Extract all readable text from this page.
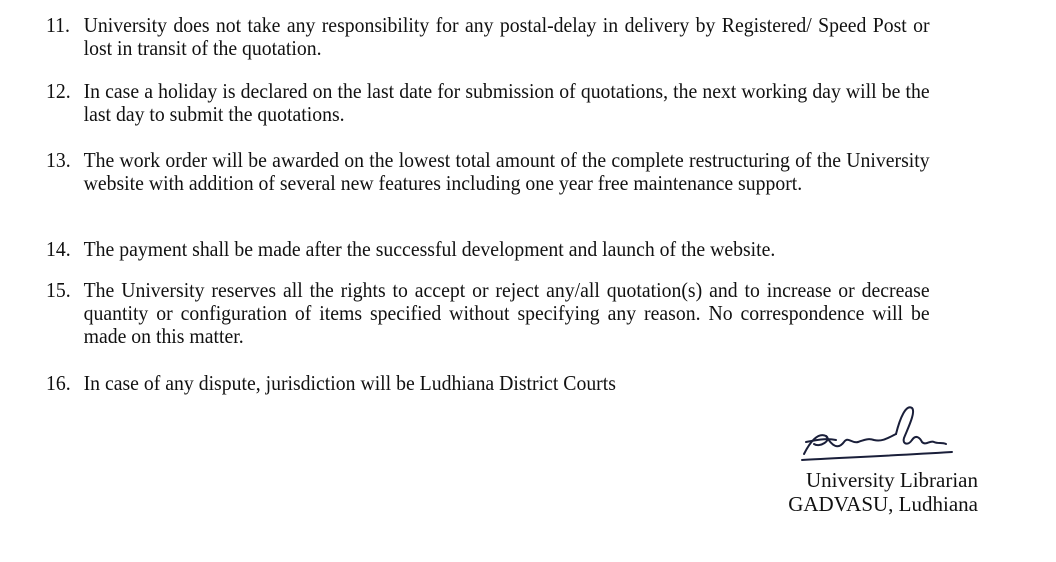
11. University does not take any responsibility for any postal-delay in delivery by Registered/ Speed Post or lost in transit of the quotation.
12. In case a holiday is declared on the last date for submission of quotations, the next working day will be the last day to submit the quotations.
13. The work order will be awarded on the lowest total amount of the complete restructuring of the University website with addition of several new features including one year free maintenance support.
14. The payment shall be made after the successful development and launch of the website.
15. The University reserves all the rights to accept or reject any/all quotation(s) and to increase or decrease quantity or configuration of items specified without specifying any reason. No correspondence will be made on this matter.
16. In case of any dispute, jurisdiction will be Ludhiana District Courts
University Librarian
GADVASU, Ludhiana
